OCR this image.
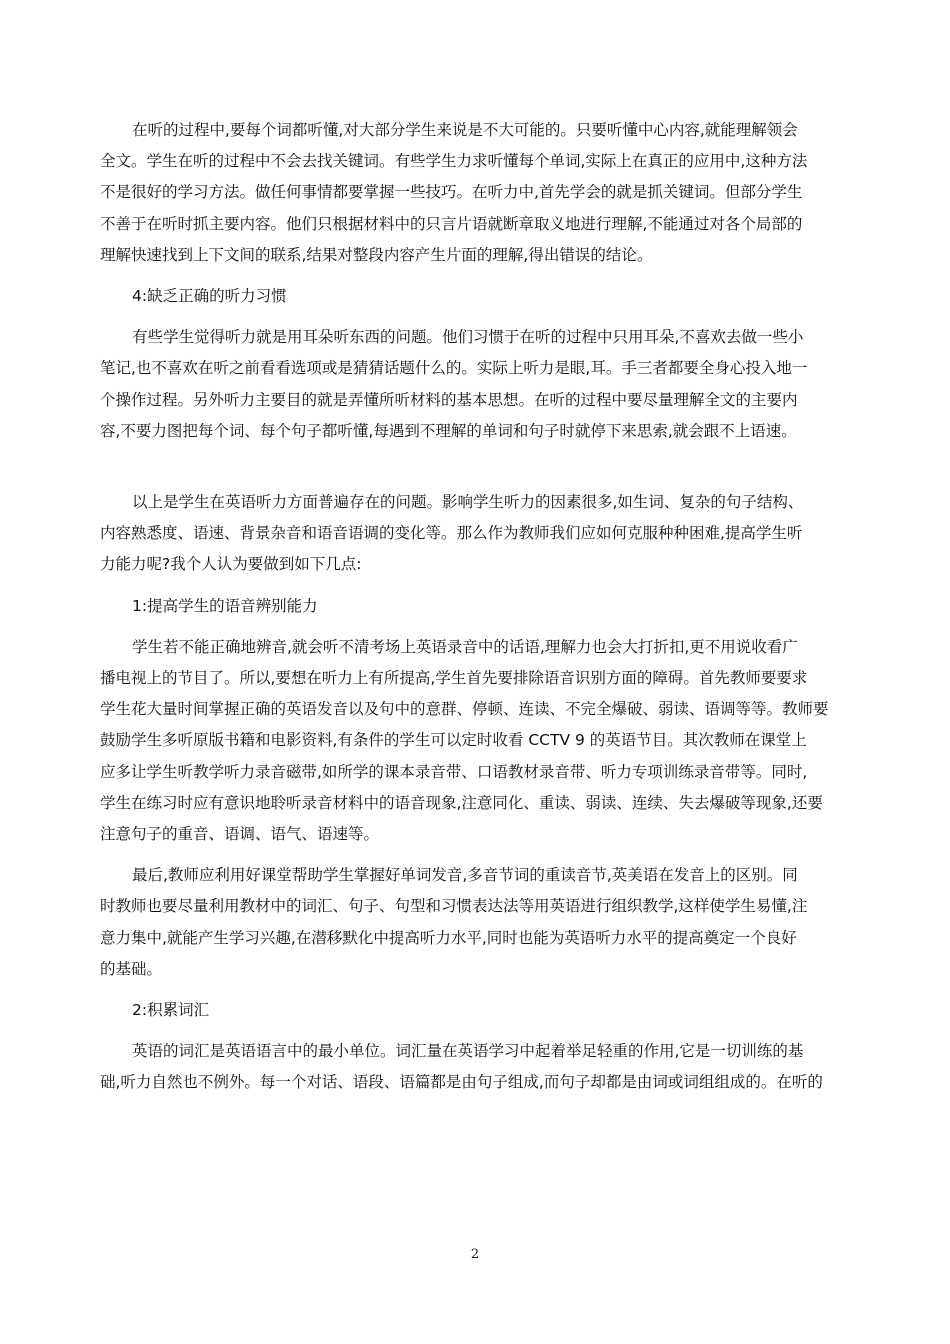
在听的过程中,要每个词都听懂,对大部分学生来说是不大可能的。只要听懂中心内容,就能理解领会
全文。学生在听的过程中不会去找关键词。有些学生力求听懂每个单词,实际上在真正的应用中,这种方法
不是很好的学习方法。做任何事情都要掌握一些技巧。在听力中,首先学会的就是抓关键词。但部分学生
不善于在听时抓主要内容。他们只根据材料中的只言片语就断章取义地进行理解,不能通过对各个局部的
理解快速找到上下文间的联系,结果对整段内容产生片面的理解,得出错误的结论。

4:缺乏正确的听力习惯

有些学生觉得听力就是用耳朵听东西的问题。他们习惯于在听的过程中只用耳朵,不喜欢去做一些小
笔记,也不喜欢在听之前看看选项或是猜猜话题什么的。实际上听力是眼,耳。手三者都要全身心投入地一
个操作过程。另外听力主要目的就是弄懂所听材料的基本思想。在听的过程中要尽量理解全文的主要内
容,不要力图把每个词、每个句子都听懂,每遇到不理解的单词和句子时就停下来思索,就会跟不上语速。

以上是学生在英语听力方面普遍存在的问题。影响学生听力的因素很多,如生词、复杂的句子结构、
内容熟悉度、语速、背景杂音和语音语调的变化等。那么作为教师我们应如何克服种种困难,提高学生听
力能力呢?我个人认为要做到如下几点:

1:提高学生的语音辨别能力

学生若不能正确地辨音,就会听不清考场上英语录音中的话语,理解力也会大打折扣,更不用说收看广
播电视上的节目了。所以,要想在听力上有所提高,学生首先要排除语音识别方面的障碍。首先教师要要求
学生花大量时间掌握正确的英语发音以及句中的意群、停顿、连读、不完全爆破、弱读、语调等等。教师要
鼓励学生多听原版书籍和电影资料,有条件的学生可以定时收看 CCTV 9 的英语节目。其次教师在课堂上
应多让学生听教学听力录音磁带,如所学的课本录音带、口语教材录音带、听力专项训练录音带等。同时,
学生在练习时应有意识地聆听录音材料中的语音现象,注意同化、重读、弱读、连续、失去爆破等现象,还要
注意句子的重音、语调、语气、语速等。

最后,教师应利用好课堂帮助学生掌握好单词发音,多音节词的重读音节,英美语在发音上的区别。同
时教师也要尽量利用教材中的词汇、句子、句型和习惯表达法等用英语进行组织教学,这样使学生易懂,注
意力集中,就能产生学习兴趣,在潜移默化中提高听力水平,同时也能为英语听力水平的提高奠定一个良好
的基础。

2:积累词汇

英语的词汇是英语语言中的最小单位。词汇量在英语学习中起着举足轻重的作用,它是一切训练的基
础,听力自然也不例外。每一个对话、语段、语篇都是由句子组成,而句子却都是由词或词组组成的。在听的

2
